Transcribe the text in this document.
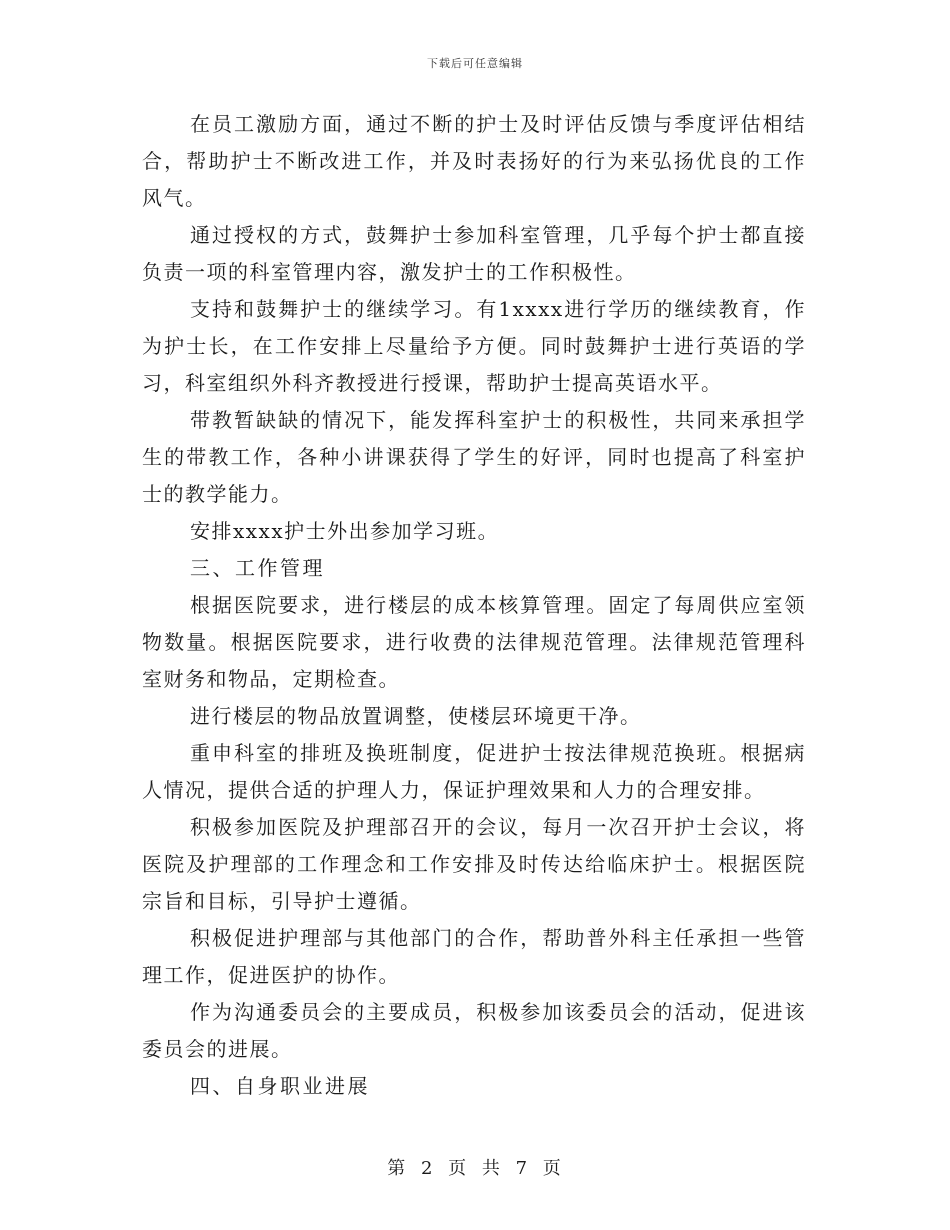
下载后可任意编辑

在员工激励方面，通过不断的护士及时评估反馈与季度评估相结合，帮助护士不断改进工作，并及时表扬好的行为来弘扬优良的工作风气。

通过授权的方式，鼓舞护士参加科室管理，几乎每个护士都直接负责一项的科室管理内容，激发护士的工作积极性。

支持和鼓舞护士的继续学习。有1xxxx进行学历的继续教育，作为护士长，在工作安排上尽量给予方便。同时鼓舞护士进行英语的学习，科室组织外科齐教授进行授课，帮助护士提高英语水平。

带教暂缺缺的情况下，能发挥科室护士的积极性，共同来承担学生的带教工作，各种小讲课获得了学生的好评，同时也提高了科室护士的教学能力。

安排xxxx护士外出参加学习班。

三、工作管理

根据医院要求，进行楼层的成本核算管理。固定了每周供应室领物数量。根据医院要求，进行收费的法律规范管理。法律规范管理科室财务和物品，定期检查。

进行楼层的物品放置调整，使楼层环境更干净。

重申科室的排班及换班制度，促进护士按法律规范换班。根据病人情况，提供合适的护理人力，保证护理效果和人力的合理安排。

积极参加医院及护理部召开的会议，每月一次召开护士会议，将医院及护理部的工作理念和工作安排及时传达给临床护士。根据医院宗旨和目标，引导护士遵循。

积极促进护理部与其他部门的合作，帮助普外科主任承担一些管理工作，促进医护的协作。

作为沟通委员会的主要成员，积极参加该委员会的活动，促进该委员会的进展。

四、自身职业进展

第 2 页 共 7 页
